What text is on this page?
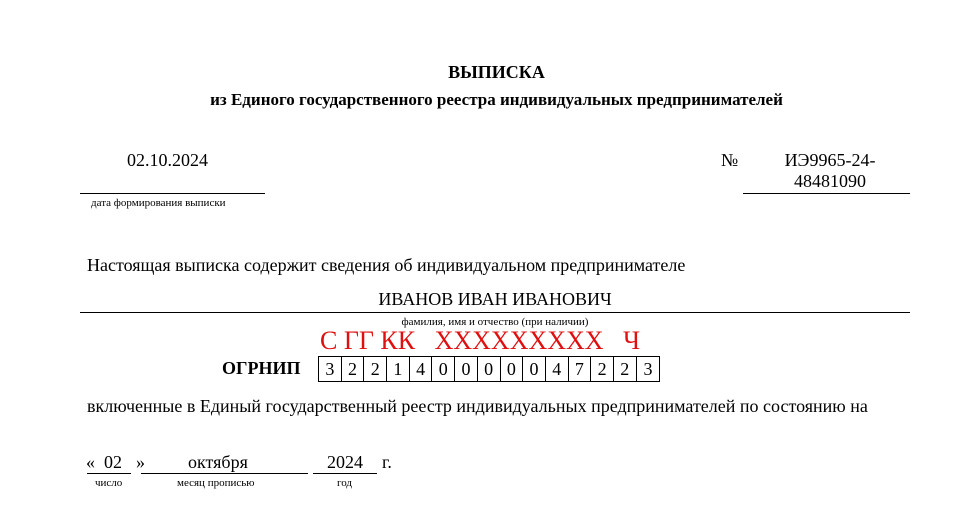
ВЫПИСКА
из Единого государственного реестра индивидуальных предпринимателей
02.10.2024
дата формирования выписки
№	ИЭ9965-24-48481090
Настоящая выписка содержит сведения об индивидуальном предпринимателе
ИВАНОВ ИВАН ИВАНОВИЧ
фамилия, имя и отчество (при наличии)
С ГГ КК   ХХХХХХХХХ   Ч
ОГРНИП	3 2 2 1 4 0 0 0 0 0 4 7 2 2 3
включенные в Единый государственный реестр индивидуальных предпринимателей по состоянию на
« 02 » октября	2024 г.
число	месяц прописью	год
